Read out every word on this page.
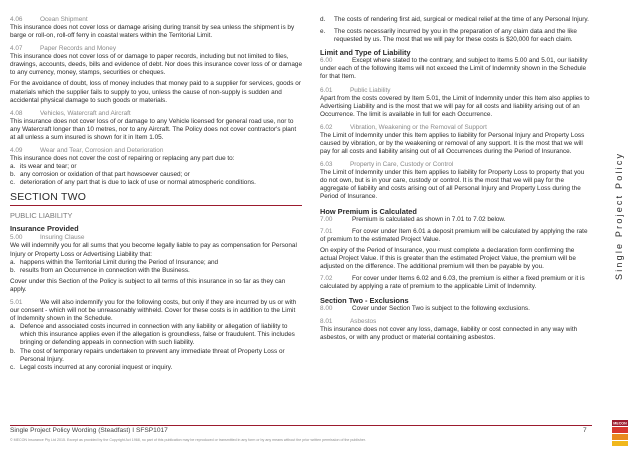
4.06	Ocean Shipment

This insurance does not cover loss or damage arising during transit by sea unless the shipment is by barge or roll-on, roll-off ferry in coastal waters within the Territorial Limit.

4.07	Paper Records and Money

This insurance does not cover loss of or damage to paper records, including but not limited to files, drawings, accounts, deeds, bills and evidence of debt. Nor does this insurance cover loss of or damage to any currency, money, stamps, securities or cheques.

For the avoidance of doubt, loss of money includes that money paid to a supplier for services, goods or materials which the supplier fails to supply to you, unless the cause of non-supply is sudden and accidental physical damage to such goods or materials.

4.08	Vehicles, Watercraft and Aircraft

This insurance does not cover loss of or damage to any Vehicle licensed for general road use, nor to any Watercraft longer than 10 metres, nor to any Aircraft. The Policy does not cover contractor's plant at all unless a sum insured is shown for it in Item 1.05.

4.09	Wear and Tear, Corrosion and Deterioration

This insurance does not cover the cost of repairing or replacing any part due to:

a. its wear and tear; or
b. any corrosion or oxidation of that part howsoever caused; or
c. deterioration of any part that is due to lack of use or normal atmospheric conditions.
SECTION TWO
PUBLIC LIABILITY
Insurance Provided
5.00	Insuring Clause

We will indemnify you for all sums that you become legally liable to pay as compensation for Personal Injury or Property Loss or Advertising Liability that:

a. happens within the Territorial Limit during the Period of Insurance; and
b. results from an Occurrence in connection with the Business.

Cover under this Section of the Policy is subject to all terms of this insurance in so far as they can apply.

5.01	We will also indemnify you for the following costs, but only if they are incurred by us or with our consent - which will not be unreasonably withheld. Cover for these costs is in addition to the Limit of Indemnity shown in the Schedule.

a. Defence and associated costs incurred in connection with any liability or allegation of liability to which this insurance applies even if the allegation is groundless, false or fraudulent. This includes bringing or defending appeals in connection with such liability.
b. The cost of temporary repairs undertaken to prevent any immediate threat of Property Loss or Personal Injury.
c. Legal costs incurred at any coronial inquest or inquiry.
d.	The costs of rendering first aid, surgical or medical relief at the time of any Personal Injury.
e.	The costs necessarily incurred by you in the preparation of any claim data and the like requested by us. The most that we will pay for these costs is $20,000 for each claim.
Limit and Type of Liability

6.00	Except where stated to the contrary, and subject to Items 5.00 and 5.01, our liability under each of the following Items will not exceed the Limit of Indemnity shown in the Schedule for that Item.

6.01	Public Liability

Apart from the costs covered by Item 5.01, the Limit of Indemnity under this Item also applies to Advertising Liability and is the most that we will pay for all costs and liability arising out of an Occurrence. The limit is available in full for each Occurrence.

6.02	Vibration, Weakening or the Removal of Support

The Limit of Indemnity under this Item applies to liability for Personal Injury and Property Loss caused by vibration, or by the weakening or removal of any support. It is the most that we will pay for all costs and liability arising out of all Occurrences during the Period of Insurance.

6.03	Property in Care, Custody or Control

The Limit of Indemnity under this Item applies to liability for Property Loss to property that you do not own, but is in your care, custody or control. It is the most that we will pay for the aggregate of liability and costs arising out of all Personal Injury and Property Loss during the Period of Insurance.

How Premium is Calculated

7.00	Premium is calculated as shown in 7.01 to 7.02 below.

7.01	For cover under Item 6.01 a deposit premium will be calculated by applying the rate of premium to the estimated Project Value.

On expiry of the Period of Insurance, you must complete a declaration form confirming the actual Project Value. If this is greater than the estimated Project Value, the premium will be adjusted on the difference. The additional premium will then be payable by you.

7.02	For cover under Items 6.02 and 6.03, the premium is either a fixed premium or it is calculated by applying a rate of premium to the applicable Limit of Indemnity.

Section Two - Exclusions

8.00	Cover under Section Two is subject to the following exclusions.

8.01	Asbestos

This insurance does not cover any loss, damage, liability or cost connected in any way with asbestos, or with any product or material containing asbestos.

Single Project Policy
Single Project Policy Wording (Steadfast) I SFSP1017	7
© MECON Insurance Pty Ltd 2015. Except as provided by the Copyright Act 1968, no part of this publication may be reproduced or transmitted in any form or by any means without the prior written permission of the publisher.
MECON
